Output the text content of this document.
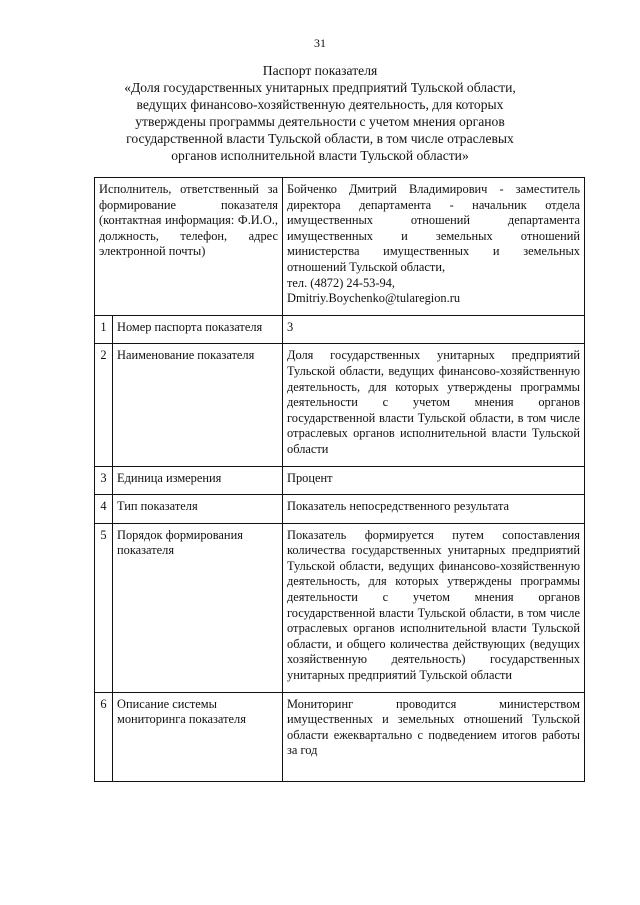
31

Паспорт показателя

«Доля государственных унитарных предприятий Тульской области, ведущих финансово-хозяйственную деятельность, для которых утверждены программы деятельности с учетом мнения органов государственной власти Тульской области, в том числе отраслевых органов исполнительной власти Тульской области»

Исполнитель, ответственный за формирование показателя (контактная информация: Ф.И.О., должность, телефон, адрес электронной почты)		Бойченко Дмитрий Владимирович - заместитель директора департамента - начальник отдела имущественных отношений департамента имущественных и земельных отношений министерства имущественных и земельных отношений Тульской области,
тел. (4872) 24-53-94,
Dmitriy.Boychenko@tularegion.ru
1	Номер паспорта показателя	3
2	Наименование показателя	Доля государственных унитарных предприятий Тульской области, ведущих финансово-хозяйственную деятельность, для которых утверждены программы деятельности с учетом мнения органов государственной власти Тульской области, в том числе отраслевых органов исполнительной власти Тульской области
3	Единица измерения	Процент
4	Тип показателя	Показатель непосредственного результата
5	Порядок формирования показателя	Показатель формируется путем сопоставления количества государственных унитарных предприятий Тульской области, ведущих финансово-хозяйственную деятельность, для которых утверждены программы деятельности с учетом мнения органов государственной власти Тульской области, в том числе отраслевых органов исполнительной власти Тульской области, и общего количества действующих (ведущих хозяйственную деятельность) государственных унитарных предприятий Тульской области
6	Описание системы мониторинга показателя	Мониторинг проводится министерством имущественных и земельных отношений Тульской области ежеквартально с подведением итогов работы за год
